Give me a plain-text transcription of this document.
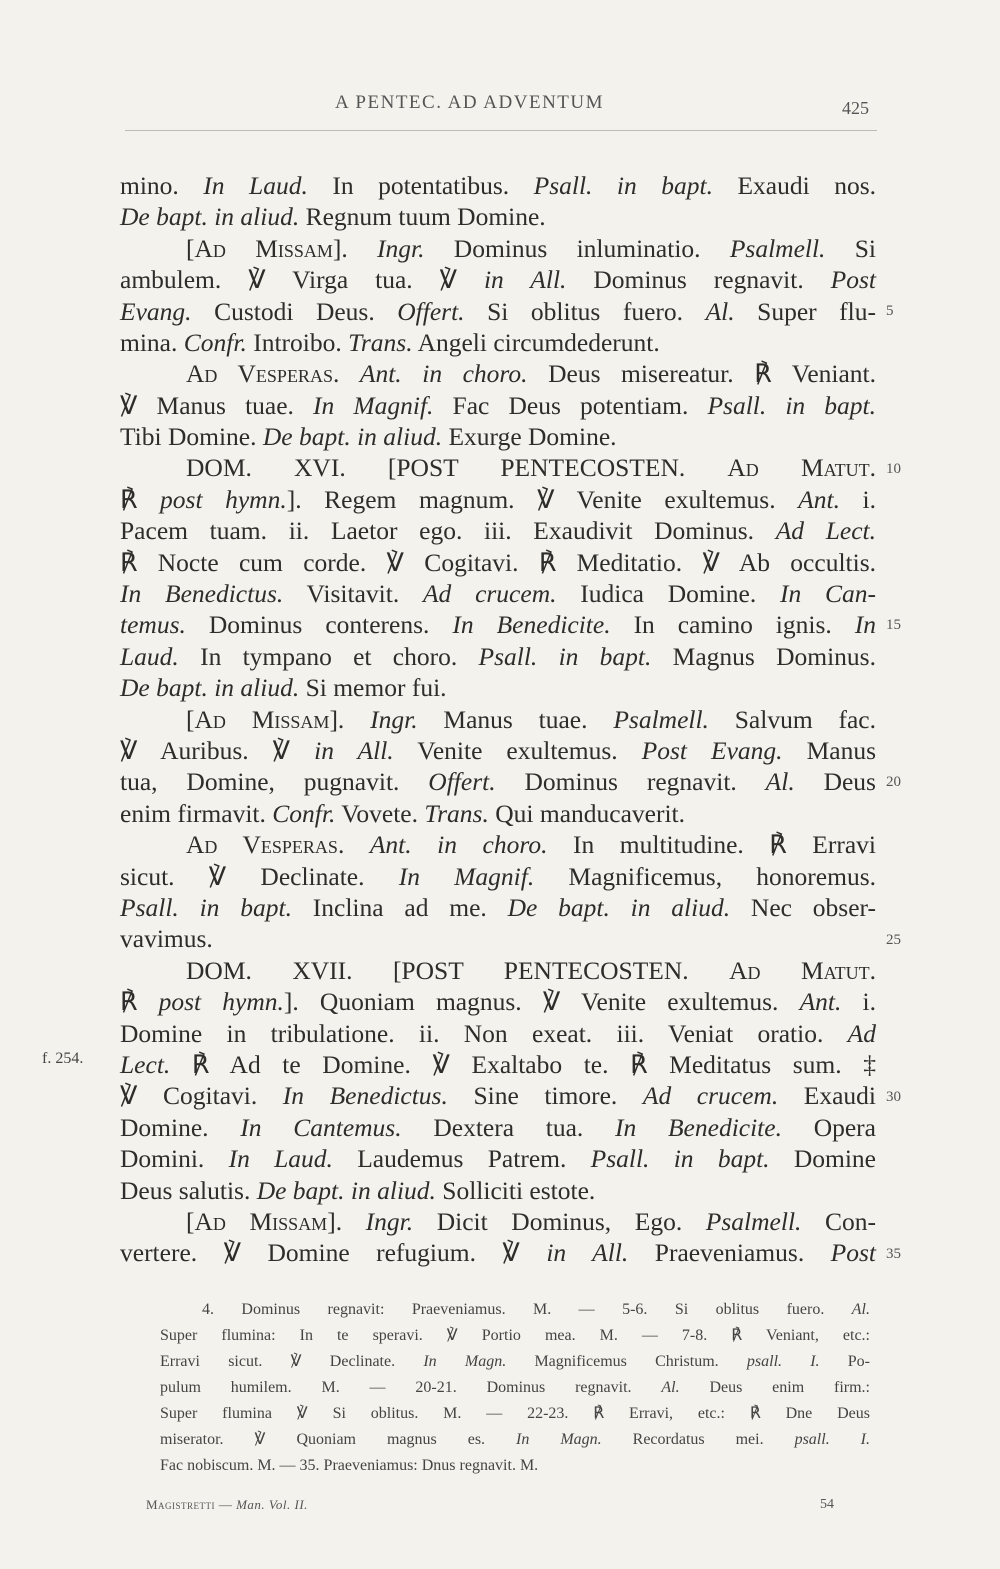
A PENTEC. AD ADVENTUM	425
f. 254.
5
10
15
20
25
30
35
mino. In Laud. In potentatibus. Psall. in bapt. Exaudi nos.
De bapt. in aliud. Regnum tuum Domine.
[Ad Missam]. Ingr. Dominus inluminatio. Psalmell. Si
ambulem. ℣ Virga tua. ℣ in All. Dominus regnavit. Post
Evang. Custodi Deus. Offert. Si oblitus fuero. Al. Super flu-
mina. Confr. Introibo. Trans. Angeli circumdederunt.
Ad Vesperas. Ant. in choro. Deus misereatur. ℟ Veniant.
℣ Manus tuae. In Magnif. Fac Deus potentiam. Psall. in bapt.
Tibi Domine. De bapt. in aliud. Exurge Domine.
DOM. XVI. [POST PENTECOSTEN. Ad Matut.
℟ post hymn.]. Regem magnum. ℣ Venite exultemus. Ant. i.
Pacem tuam. ii. Laetor ego. iii. Exaudivit Dominus. Ad Lect.
℟ Nocte cum corde. ℣ Cogitavi. ℟ Meditatio. ℣ Ab occultis.
In Benedictus. Visitavit. Ad crucem. Iudica Domine. In Can-
temus. Dominus conterens. In Benedicite. In camino ignis. In
Laud. In tympano et choro. Psall. in bapt. Magnus Dominus.
De bapt. in aliud. Si memor fui.
[Ad Missam]. Ingr. Manus tuae. Psalmell. Salvum fac.
℣ Auribus. ℣ in All. Venite exultemus. Post Evang. Manus
tua, Domine, pugnavit. Offert. Dominus regnavit. Al. Deus
enim firmavit. Confr. Vovete. Trans. Qui manducaverit.
Ad Vesperas. Ant. in choro. In multitudine. ℟ Erravi
sicut. ℣ Declinate. In Magnif. Magnificemus, honoremus.
Psall. in bapt. Inclina ad me. De bapt. in aliud. Nec obser-
vavimus.
DOM. XVII. [POST PENTECOSTEN. Ad Matut.
℟ post hymn.]. Quoniam magnus. ℣ Venite exultemus. Ant. i.
Domine in tribulatione. ii. Non exeat. iii. Veniat oratio. Ad
Lect. ℟ Ad te Domine. ℣ Exaltabo te. ℟ Meditatus sum. ‡
℣ Cogitavi. In Benedictus. Sine timore. Ad crucem. Exaudi
Domine. In Cantemus. Dextera tua. In Benedicite. Opera
Domini. In Laud. Laudemus Patrem. Psall. in bapt. Domine
Deus salutis. De bapt. in aliud. Solliciti estote.
[Ad Missam]. Ingr. Dicit Dominus, Ego. Psalmell. Con-
vertere. ℣ Domine refugium. ℣ in All. Praeveniamus. Post
4. Dominus regnavit: Praeveniamus. M. — 5-6. Si oblitus fuero. Al.
Super flumina: In te speravi. ℣ Portio mea. M. — 7-8. ℟ Veniant, etc.:
Erravi sicut. ℣ Declinate. In Magn. Magnificemus Christum. psall. I. Po-
pulum humilem. M. — 20-21. Dominus regnavit. Al. Deus enim firm.:
Super flumina ℣ Si oblitus. M. — 22-23. ℟ Erravi, etc.: ℟ Dne Deus
miserator. ℣ Quoniam magnus es. In Magn. Recordatus mei. psall. I.
Fac nobiscum. M. — 35. Praeveniamus: Dnus regnavit. M.
Magistretti — Man. Vol. II.	54
